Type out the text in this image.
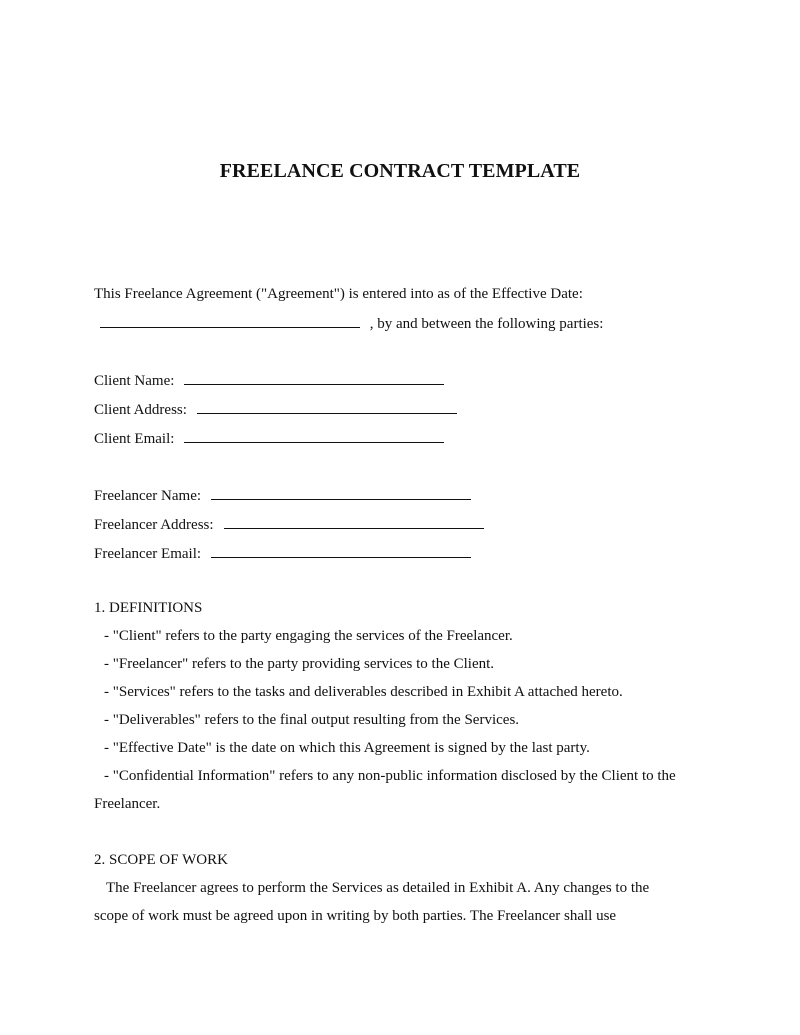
FREELANCE CONTRACT TEMPLATE
This Freelance Agreement ("Agreement") is entered into as of the Effective Date:
, by and between the following parties:
Client Name:
Client Address:
Client Email:
Freelancer Name:
Freelancer Address:
Freelancer Email:
1. DEFINITIONS
- "Client" refers to the party engaging the services of the Freelancer.
- "Freelancer" refers to the party providing services to the Client.
- "Services" refers to the tasks and deliverables described in Exhibit A attached hereto.
- "Deliverables" refers to the final output resulting from the Services.
- "Effective Date" is the date on which this Agreement is signed by the last party.
- "Confidential Information" refers to any non-public information disclosed by the Client to the
Freelancer.
2. SCOPE OF WORK
The Freelancer agrees to perform the Services as detailed in Exhibit A. Any changes to the
scope of work must be agreed upon in writing by both parties. The Freelancer shall use
